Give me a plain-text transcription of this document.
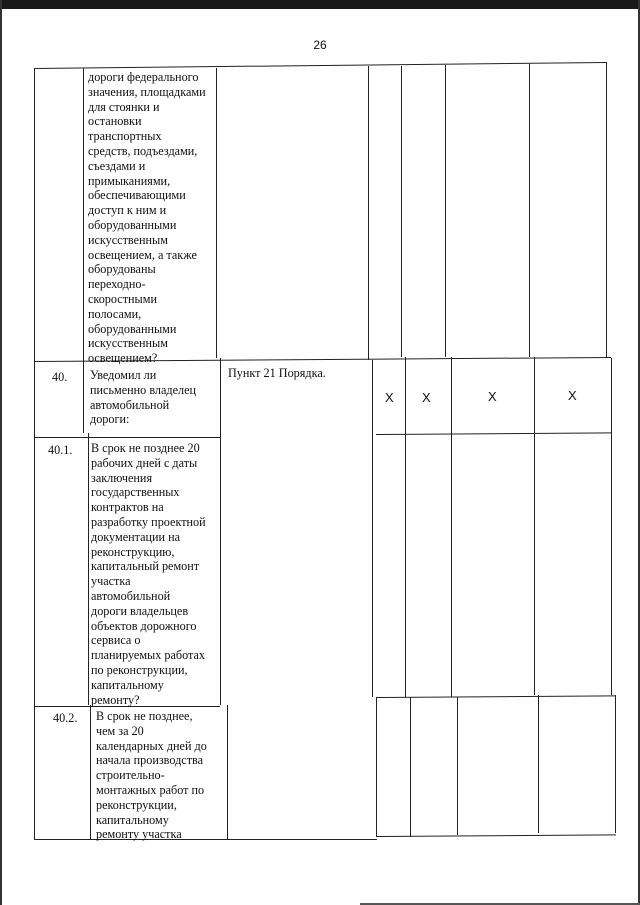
26
дороги федерального
значения, площадками
для стоянки и
остановки
транспортных
средств, подъездами,
съездами и
примыканиями,
обеспечивающими
доступ к ним и
оборудованными
искусственным
освещением, а также
оборудованы
переходно-
скоростными
полосами,
оборудованными
искусственным
освещением?
40. Уведомил ли
письменно владелец
автомобильной
дороги:
Пункт 21 Порядка.
Х Х	Х	Х
40.1. В срок не позднее 20
рабочих дней с даты
заключения
государственных
контрактов на
разработку проектной
документации на
реконструкцию,
капитальный ремонт
участка
автомобильной
дороги владельцев
объектов дорожного
сервиса о
планируемых работах
по реконструкции,
капитальному
ремонту?
40.2. В срок не позднее,
чем за 20
календарных дней до
начала производства
строительно-
монтажных работ по
реконструкции,
капитальному
ремонту участка
